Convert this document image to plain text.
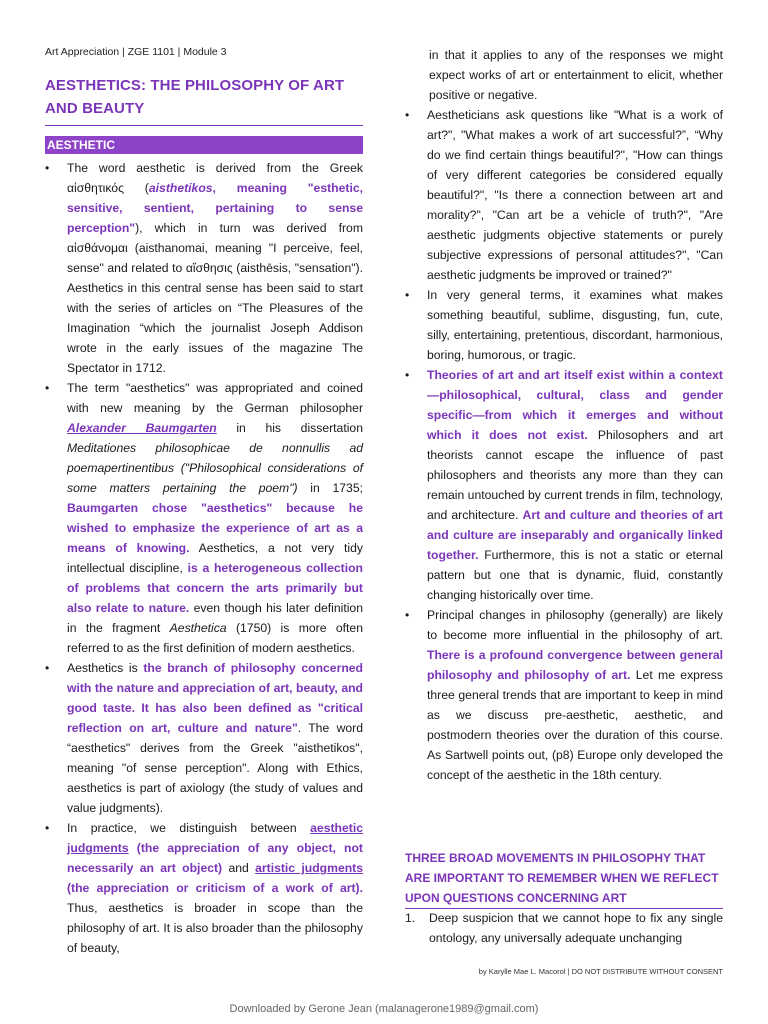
Art Appreciation | ZGE 1101 | Module 3
AESTHETICS: THE PHILOSOPHY OF ART AND BEAUTY
AESTHETIC
• The word aesthetic is derived from the Greek αἰσθητικός (aisthetikos, meaning "esthetic, sensitive, sentient, pertaining to sense perception"), which in turn was derived from αἰσθάνομαι (aisthanomai, meaning "I perceive, feel, sense" and related to αἴσθησις (aisthēsis, "sensation"). Aesthetics in this central sense has been said to start with the series of articles on “The Pleasures of the Imagination “which the journalist Joseph Addison wrote in the early issues of the magazine The Spectator in 1712.
• The term "aesthetics" was appropriated and coined with new meaning by the German philosopher Alexander Baumgarten in his dissertation Meditationes philosophicae de nonnullis ad poemapertinentibus ("Philosophical considerations of some matters pertaining the poem") in 1735; Baumgarten chose "aesthetics" because he wished to emphasize the experience of art as a means of knowing. Aesthetics, a not very tidy intellectual discipline, is a heterogeneous collection of problems that concern the arts primarily but also relate to nature. even though his later definition in the fragment Aesthetica (1750) is more often referred to as the first definition of modern aesthetics.
• Aesthetics is the branch of philosophy concerned with the nature and appreciation of art, beauty, and good taste. It has also been defined as "critical reflection on art, culture and nature". The word “aesthetics" derives from the Greek "aisthetikos", meaning "of sense perception". Along with Ethics, aesthetics is part of axiology (the study of values and value judgments).
• In practice, we distinguish between aesthetic judgments (the appreciation of any object, not necessarily an art object) and artistic judgments (the appreciation or criticism of a work of art). Thus, aesthetics is broader in scope than the philosophy of art. It is also broader than the philosophy of beauty,
in that it applies to any of the responses we might expect works of art or entertainment to elicit, whether positive or negative.
• Aestheticians ask questions like "What is a work of art?", "What makes a work of art successful?”, “Why do we find certain things beautiful?", "How can things of very different categories be considered equally beautiful?", "Is there a connection between art and morality?", "Can art be a vehicle of truth?", "Are aesthetic judgments objective statements or purely subjective expressions of personal attitudes?", "Can aesthetic judgments be improved or trained?"
• In very general terms, it examines what makes something beautiful, sublime, disgusting, fun, cute, silly, entertaining, pretentious, discordant, harmonious, boring, humorous, or tragic.
• Theories of art and art itself exist within a context—philosophical, cultural, class and gender specific—from which it emerges and without which it does not exist. Philosophers and art theorists cannot escape the influence of past philosophers and theorists any more than they can remain untouched by current trends in film, technology, and architecture. Art and culture and theories of art and culture are inseparably and organically linked together. Furthermore, this is not a static or eternal pattern but one that is dynamic, fluid, constantly changing historically over time.
• Principal changes in philosophy (generally) are likely to become more influential in the philosophy of art. There is a profound convergence between general philosophy and philosophy of art. Let me express three general trends that are important to keep in mind as we discuss pre-aesthetic, aesthetic, and postmodern theories over the duration of this course. As Sartwell points out, (p8) Europe only developed the concept of the aesthetic in the 18th century.
THREE BROAD MOVEMENTS IN PHILOSOPHY THAT ARE IMPORTANT TO REMEMBER WHEN WE REFLECT UPON QUESTIONS CONCERNING ART
1. Deep suspicion that we cannot hope to fix any single ontology, any universally adequate unchanging
by Karylle Mae L. Macorol | DO NOT DISTRIBUTE WITHOUT CONSENT
Downloaded by Gerone Jean (malanagerone1989@gmail.com)
